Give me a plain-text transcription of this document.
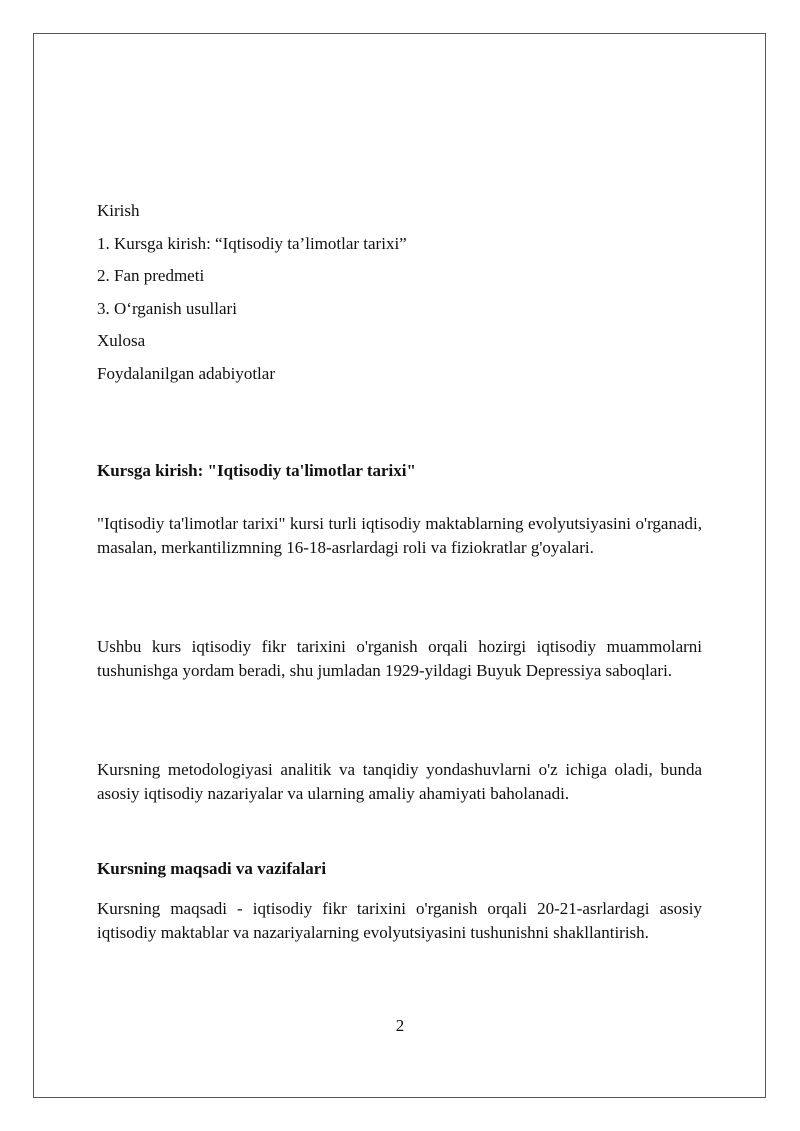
Kirish

1. Kursga kirish: “Iqtisodiy ta’limotlar tarixi”

2. Fan predmeti

3. O‘rganish usullari

Xulosa

Foydalanilgan adabiyotlar

Kursga kirish: "Iqtisodiy ta'limotlar tarixi"

"Iqtisodiy ta'limotlar tarixi" kursi turli iqtisodiy maktablarning evolyutsiyasini o'rganadi, masalan, merkantilizmning 16-18-asrlardagi roli va fiziokratlar g'oyalari.

Ushbu kurs iqtisodiy fikr tarixini o'rganish orqali hozirgi iqtisodiy muammolarni tushunishga yordam beradi, shu jumladan 1929-yildagi Buyuk Depressiya saboqlari.

Kursning metodologiyasi analitik va tanqidiy yondashuvlarni o'z ichiga oladi, bunda asosiy iqtisodiy nazariyalar va ularning amaliy ahamiyati baholanadi.

Kursning maqsadi va vazifalari

Kursning maqsadi - iqtisodiy fikr tarixini o'rganish orqali 20-21-asrlardagi asosiy iqtisodiy maktablar va nazariyalarning evolyutsiyasini tushunishni shakllantirish.

2
